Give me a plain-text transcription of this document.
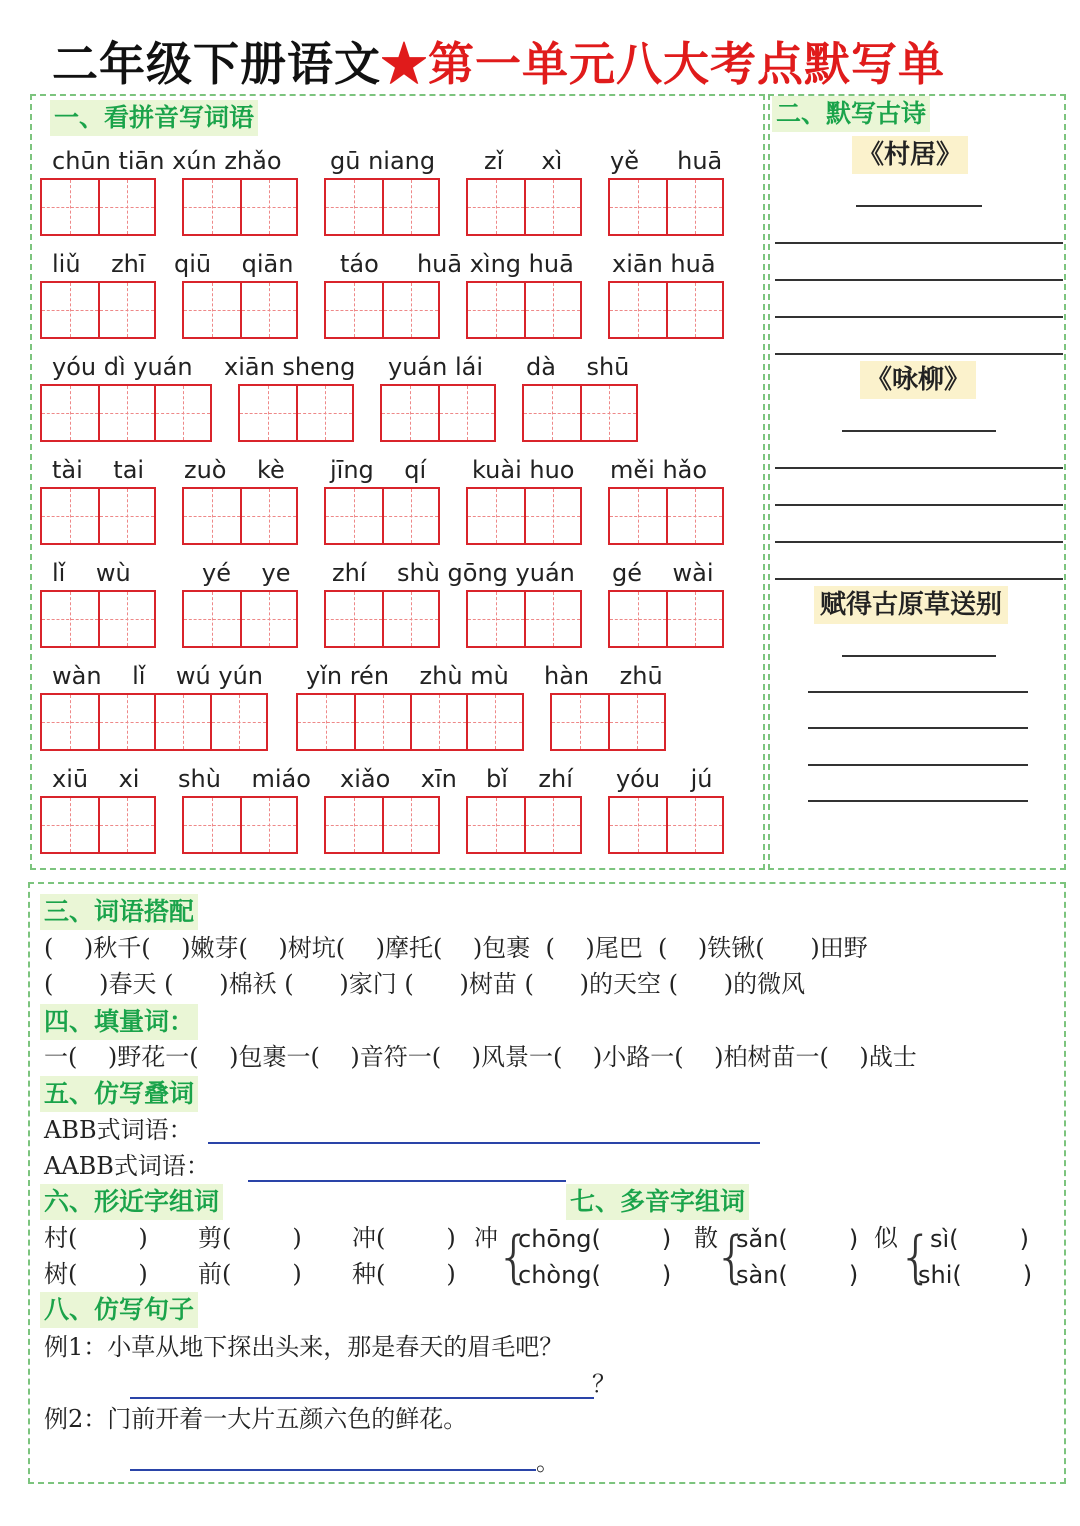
二年级下册语文★第一单元八大考点默写单
一、看拼音写词语
chūn tiān xún zhǎo gū niang zǐ     xì yě     huā
liǔ    zhī qiū    qiān táo     huā xìng huā xiān huā
yóu dì yuán xiān sheng yuán lái dà    shū
tài    tai zuò    kè jīng    qí kuài huo měi hǎo
lǐ    wù	yé    ye zhí    shù gōng yuán gé    wài
wàn    lǐ    wú yún yǐn rén    zhù mù hàn    zhū
xiū    xi shù    miáo xiǎo    xīn bǐ    zhí yóu    jú
二、默写古诗
《村居》
《咏柳》
赋得古原草送别
三、词语搭配
(    )秋千(    )嫩芽(    )树坑(    )摩托(    )包裹  (    )尾巴  (    )铁锹(      )田野
(      )春天 (      )棉袄 (      )家门 (      )树苗 (      )的天空 (      )的微风
四、填量词：
一(    )野花一(    )包裹一(    )音符一(    )风景一(    )小路一(    )柏树苗一(    )战士
五、仿写叠词
ABB式词语：
AABB式词语：
六、形近字组词	七、多音字组词
村(        ) 剪(        ) 冲(        )
树(        ) 前(        ) 种(        )
冲
{
chōng(        )
chòng(        )
散
{
sǎn(        )
sàn(        )
似 {
sì(        )
shi(        )
八、仿写句子
例1：小草从地下探出头来，那是春天的眉毛吧？
？
例2：门前开着一大片五颜六色的鲜花。
。
